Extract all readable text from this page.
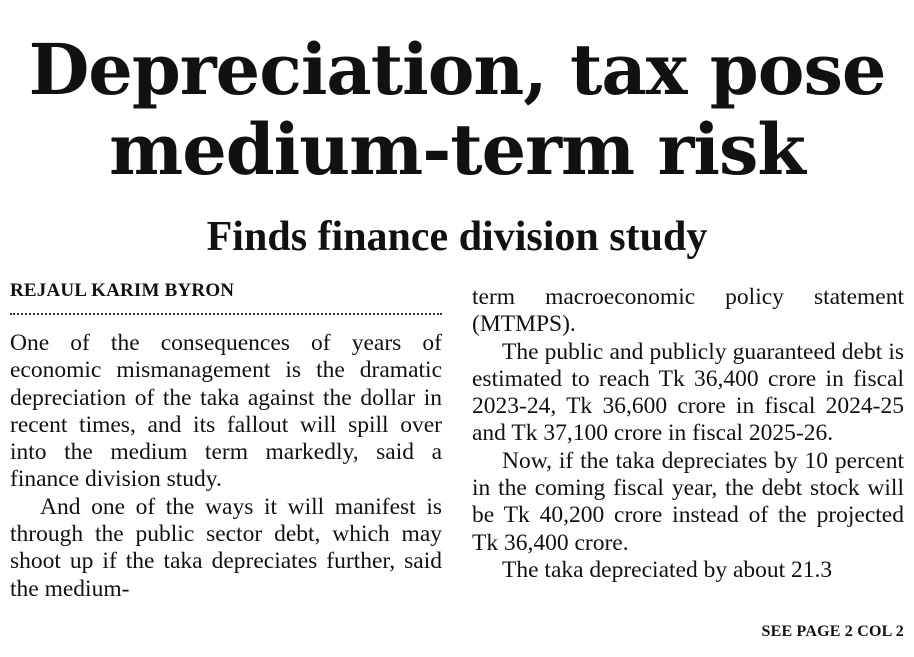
Depreciation, tax pose
medium-term risk
Finds finance division study
REJAUL KARIM BYRON

One of the consequences of years of economic mismanagement is the dramatic depreciation of the taka against the dollar in recent times, and its fallout will spill over into the medium term markedly, said a finance division study.

And one of the ways it will manifest is through the public sector debt, which may shoot up if the taka depreciates further, said the medium-

term macroeconomic policy statement (MTMPS).

The public and publicly guaranteed debt is estimated to reach Tk 36,400 crore in fiscal 2023-24, Tk 36,600 crore in fiscal 2024-25 and Tk 37,100 crore in fiscal 2025-26.

Now, if the taka depreciates by 10 percent in the coming fiscal year, the debt stock will be Tk 40,200 crore instead of the projected Tk 36,400 crore.

The taka depreciated by about 21.3

SEE PAGE 2 COL 2
